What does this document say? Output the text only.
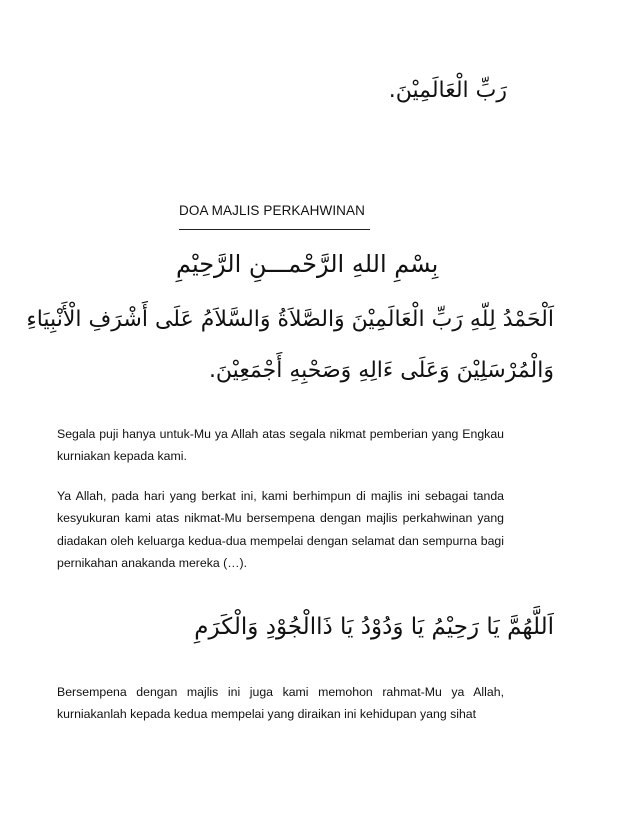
رَبِّ الْعَالَمِيْنَ.
DOA MAJLIS PERKAHWINAN
بِسْمِ اللهِ الرَّحْمـــنِ الرَّحِيْمِ
اَلْحَمْدُ لِلّهِ رَبِّ الْعَالَمِيْنَ وَالصَّلاَةُ وَالسَّلاَمُ عَلَى أَشْرَفِ الْأَنْبِيَاءِ
وَالْمُرْسَلِيْنَ وَعَلَى ءَالِهِ وَصَحْبِهِ أَجْمَعِيْنَ.

Segala puji hanya untuk-Mu ya Allah atas segala nikmat pemberian yang Engkau kurniakan kepada kami.

Ya Allah, pada hari yang berkat ini, kami berhimpun di majlis ini sebagai tanda kesyukuran kami atas nikmat-Mu bersempena dengan majlis perkahwinan yang diadakan oleh keluarga kedua-dua mempelai dengan selamat dan sempurna bagi pernikahan anakanda mereka (…).

اَللَّهُمَّ يَا رَحِيْمُ يَا وَدُوْدُ يَا ذَاالْجُوْدِ وَالْكَرَمِ

Bersempena dengan majlis ini juga kami memohon rahmat-Mu ya Allah, kurniakanlah kepada kedua mempelai yang diraikan ini kehidupan yang sihat
